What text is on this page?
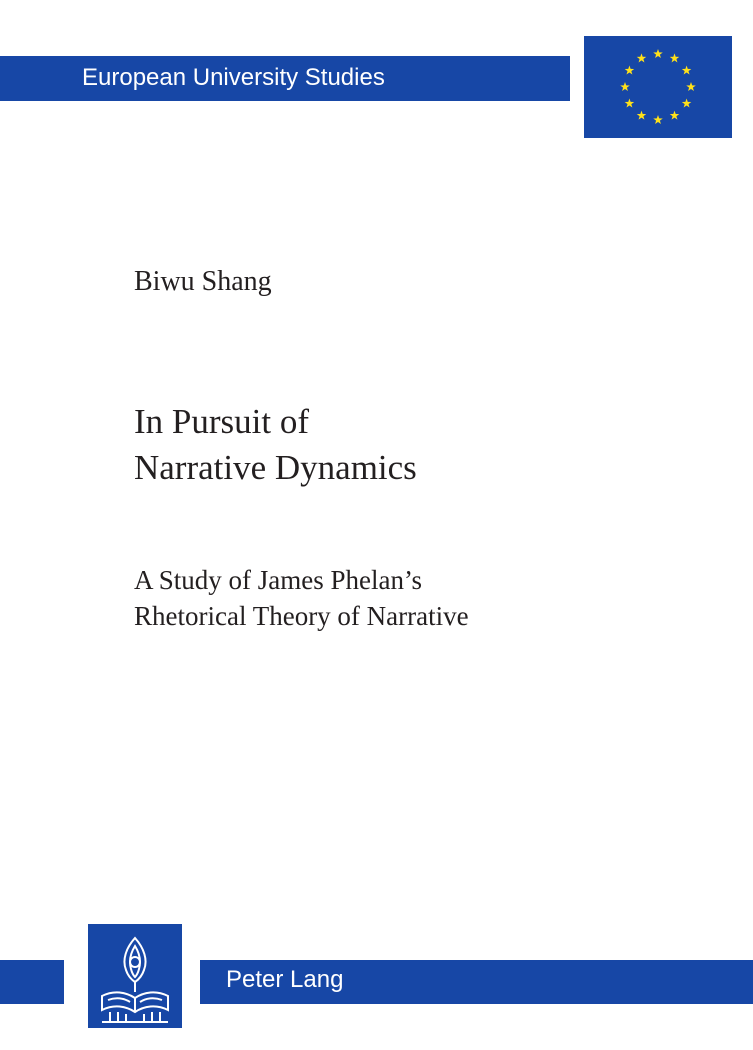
European University Studies
Biwu Shang
In Pursuit of
Narrative Dynamics
A Study of James Phelan’s
Rhetorical Theory of Narrative
Peter Lang
